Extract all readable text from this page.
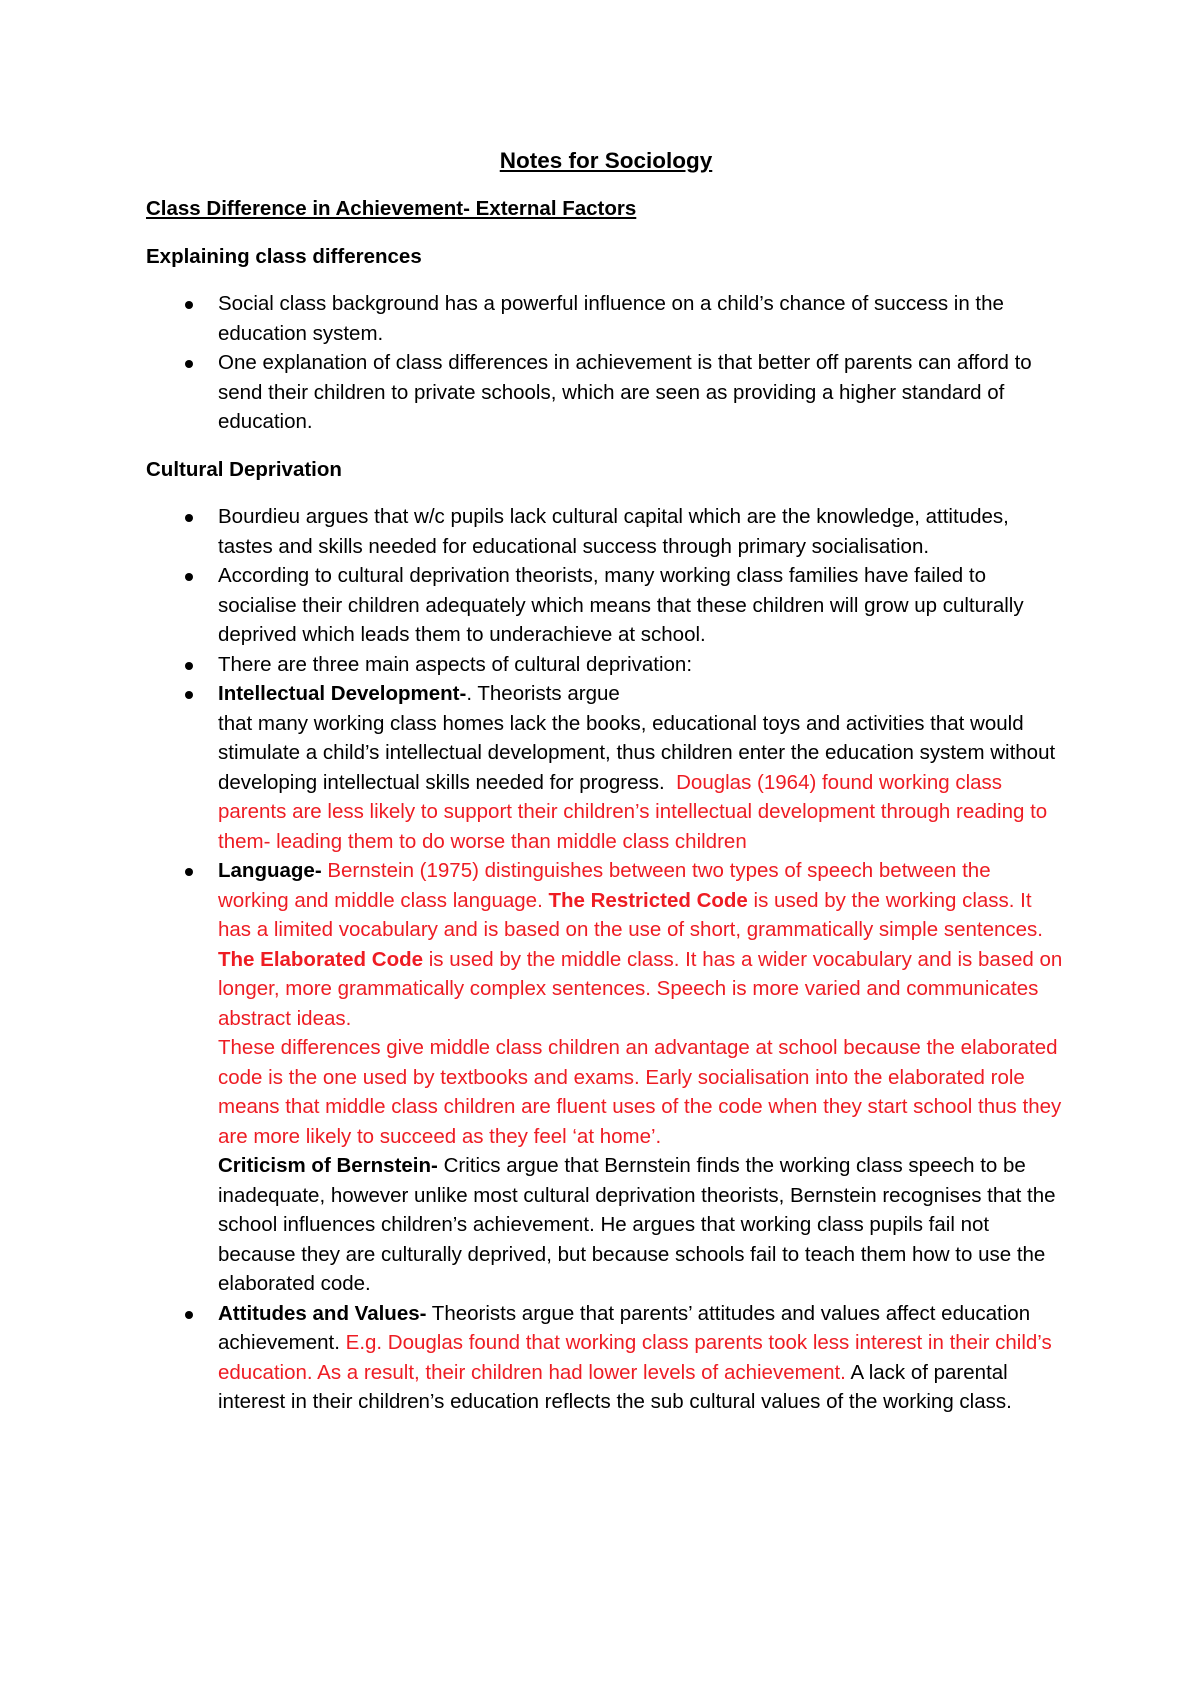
Notes for Sociology
Class Difference in Achievement- External Factors
Explaining class differences
Social class background has a powerful influence on a child’s chance of success in the education system.
One explanation of class differences in achievement is that better off parents can afford to send their children to private schools, which are seen as providing a higher standard of education.
Cultural Deprivation
Bourdieu argues that w/c pupils lack cultural capital which are the knowledge, attitudes, tastes and skills needed for educational success through primary socialisation.
According to cultural deprivation theorists, many working class families have failed to socialise their children adequately which means that these children will grow up culturally deprived which leads them to underachieve at school.
There are three main aspects of cultural deprivation:
Intellectual Development-. Theorists argue
that many working class homes lack the books, educational toys and activities that would stimulate a child’s intellectual development, thus children enter the education system without developing intellectual skills needed for progress. Douglas (1964) found working class parents are less likely to support their children’s intellectual development through reading to them- leading them to do worse than middle class children
Language- Bernstein (1975) distinguishes between two types of speech between the working and middle class language. The Restricted Code is used by the working class. It has a limited vocabulary and is based on the use of short, grammatically simple sentences.
The Elaborated Code is used by the middle class. It has a wider vocabulary and is based on longer, more grammatically complex sentences. Speech is more varied and communicates abstract ideas.
These differences give middle class children an advantage at school because the elaborated code is the one used by textbooks and exams. Early socialisation into the elaborated role means that middle class children are fluent uses of the code when they start school thus they are more likely to succeed as they feel ‘at home’.
Criticism of Bernstein- Critics argue that Bernstein finds the working class speech to be inadequate, however unlike most cultural deprivation theorists, Bernstein recognises that the school influences children’s achievement. He argues that working class pupils fail not because they are culturally deprived, but because schools fail to teach them how to use the elaborated code.
Attitudes and Values- Theorists argue that parents’ attitudes and values affect education achievement. E.g. Douglas found that working class parents took less interest in their child’s education. As a result, their children had lower levels of achievement. A lack of parental interest in their children’s education reflects the sub cultural values of the working class.
